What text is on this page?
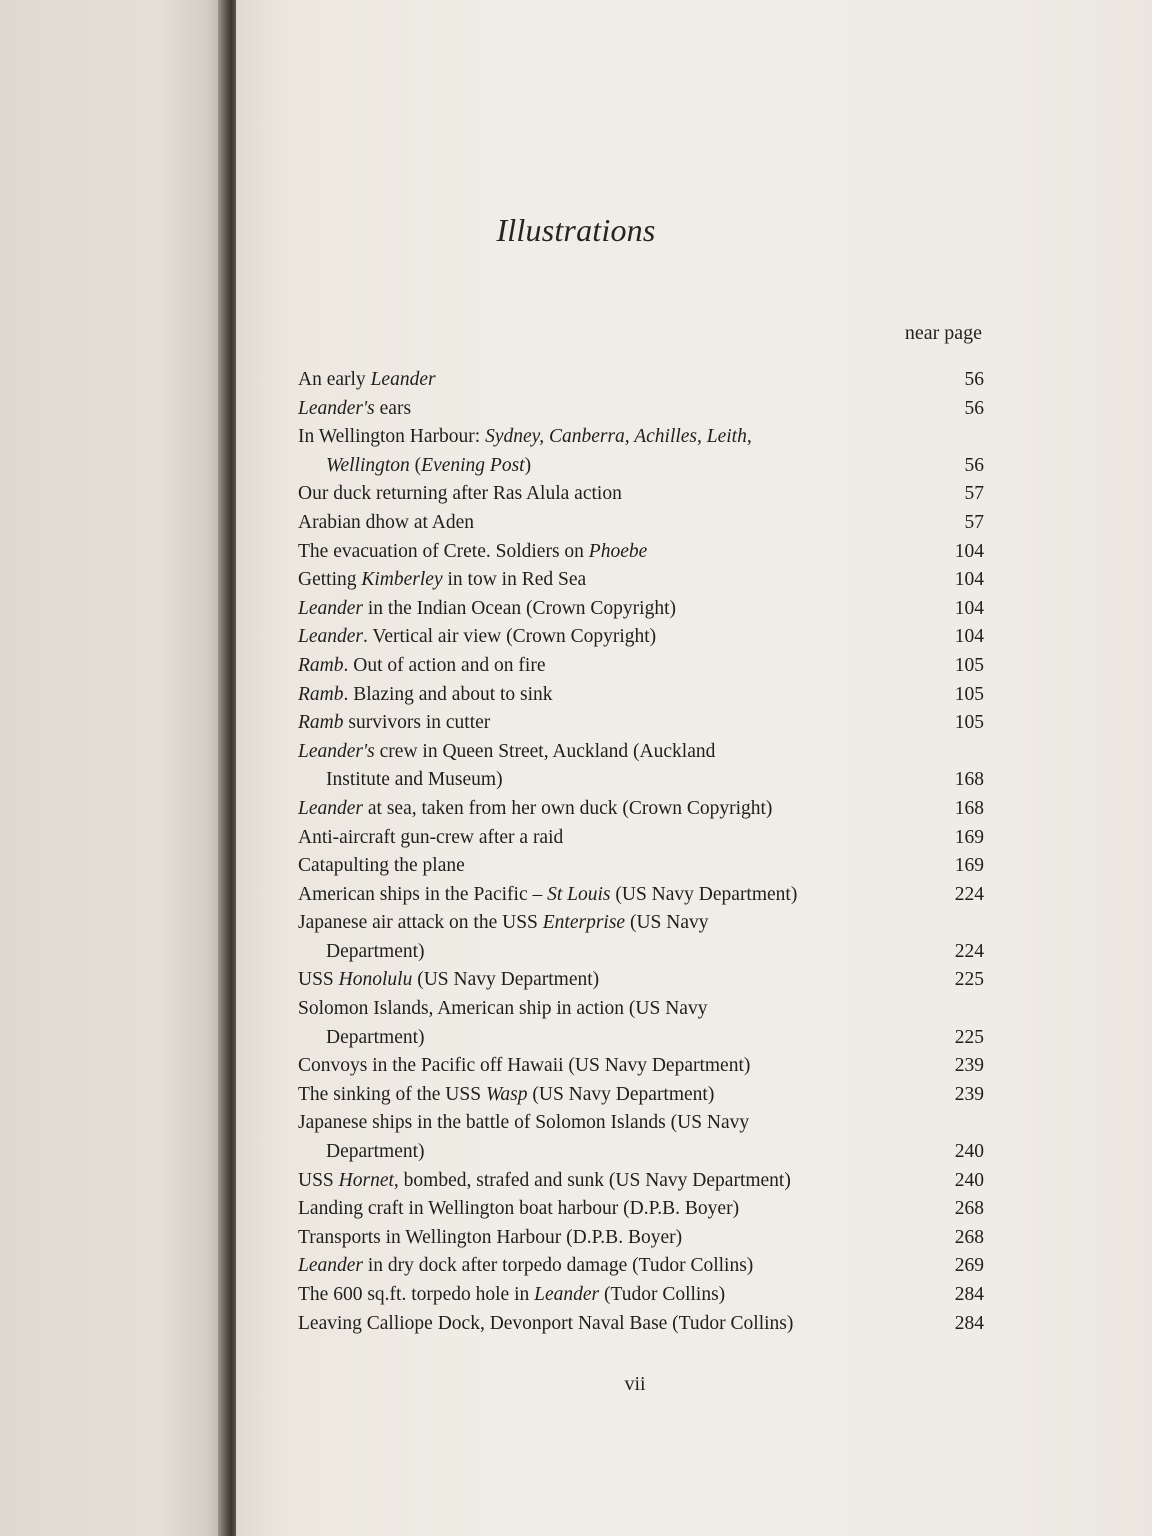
Illustrations
near page
An early Leander	56
Leander's ears	56
In Wellington Harbour: Sydney, Canberra, Achilles, Leith,
Wellington (Evening Post)	56
Our duck returning after Ras Alula action	57
Arabian dhow at Aden	57
The evacuation of Crete. Soldiers on Phoebe	104
Getting Kimberley in tow in Red Sea	104
Leander in the Indian Ocean (Crown Copyright)	104
Leander. Vertical air view (Crown Copyright)	104
Ramb. Out of action and on fire	105
Ramb. Blazing and about to sink	105
Ramb survivors in cutter	105
Leander's crew in Queen Street, Auckland (Auckland
Institute and Museum)	168
Leander at sea, taken from her own duck (Crown Copyright)	168
Anti-aircraft gun-crew after a raid	169
Catapulting the plane	169
American ships in the Pacific – St Louis (US Navy Department)	224
Japanese air attack on the USS Enterprise (US Navy
Department)	224
USS Honolulu (US Navy Department)	225
Solomon Islands, American ship in action (US Navy
Department)	225
Convoys in the Pacific off Hawaii (US Navy Department)	239
The sinking of the USS Wasp (US Navy Department)	239
Japanese ships in the battle of Solomon Islands (US Navy
Department)	240
USS Hornet, bombed, strafed and sunk (US Navy Department)	240
Landing craft in Wellington boat harbour (D.P.B. Boyer)	268
Transports in Wellington Harbour (D.P.B. Boyer)	268
Leander in dry dock after torpedo damage (Tudor Collins)	269
The 600 sq.ft. torpedo hole in Leander (Tudor Collins)	284
Leaving Calliope Dock, Devonport Naval Base (Tudor Collins)	284
vii
